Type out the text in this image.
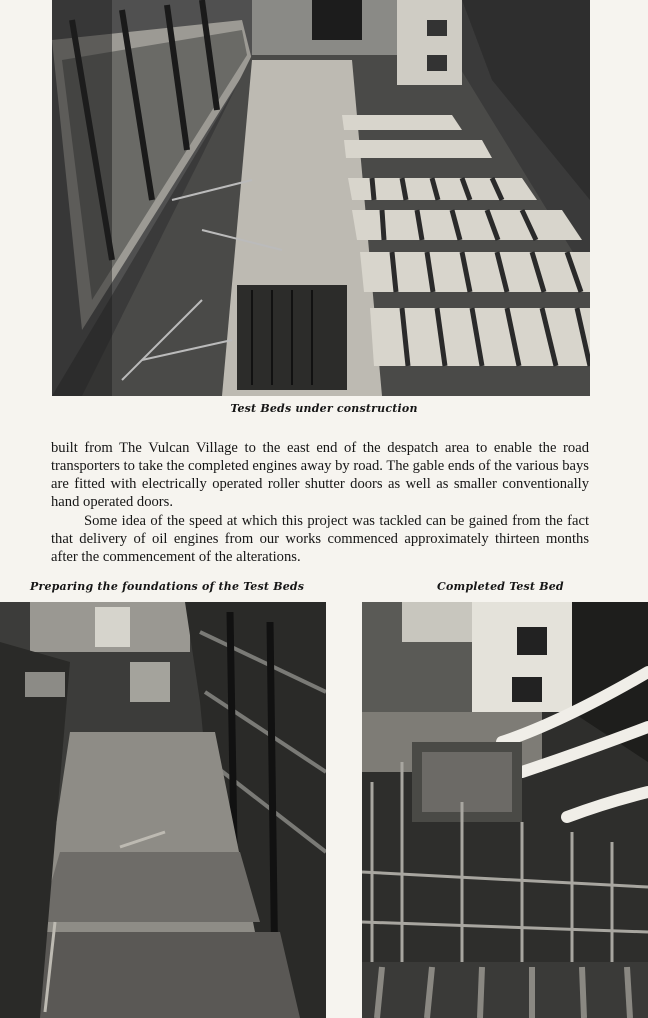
Test Beds under construction

built from The Vulcan Village to the east end of the despatch area to enable the road transporters to take the completed engines away by road. The gable ends of the various bays are fitted with electrically operated roller shutter doors as well as smaller conventionally hand operated doors.

Some idea of the speed at which this project was tackled can be gained from the fact that delivery of oil engines from our works commenced approximately thirteen months after the commencement of the alterations.

Preparing the foundations of the Test Beds	Completed Test Bed
